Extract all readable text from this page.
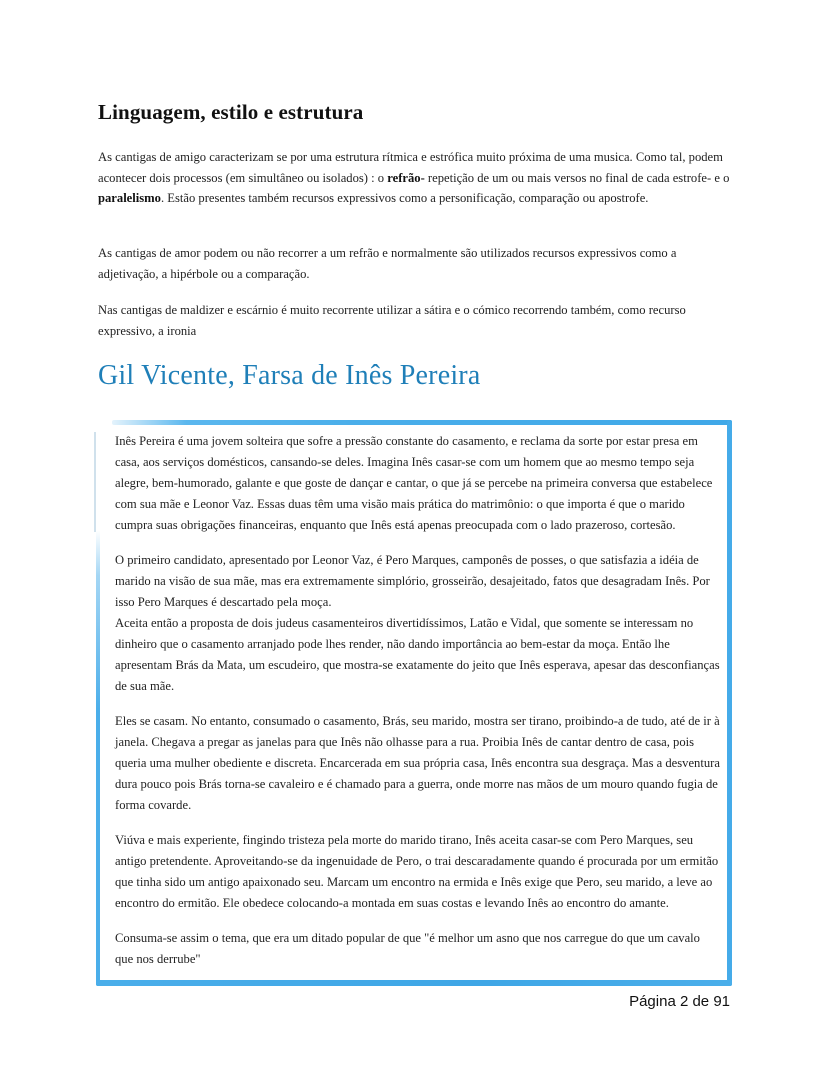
Linguagem, estilo e estrutura

As cantigas de amigo caracterizam se por uma estrutura rítmica e estrófica muito próxima de uma musica. Como tal, podem acontecer dois processos (em simultâneo ou isolados) : o refrão- repetição de um ou mais versos no final de cada estrofe- e o paralelismo. Estão presentes também recursos expressivos como a personificação, comparação ou apostrofe.

As cantigas de amor podem ou não recorrer a um refrão e normalmente são utilizados recursos expressivos como a adjetivação, a hipérbole ou a comparação.

Nas cantigas de maldizer e escárnio é muito recorrente utilizar a sátira e o cómico recorrendo também, como recurso expressivo, a ironia

Gil Vicente, Farsa de Inês Pereira

Inês Pereira é uma jovem solteira que sofre a pressão constante do casamento, e reclama da sorte por estar presa em casa, aos serviços domésticos, cansando-se deles. Imagina Inês casar-se com um homem que ao mesmo tempo seja alegre, bem-humorado, galante e que goste de dançar e cantar, o que já se percebe na primeira conversa que estabelece com sua mãe e Leonor Vaz. Essas duas têm uma visão mais prática do matrimônio: o que importa é que o marido cumpra suas obrigações financeiras, enquanto que Inês está apenas preocupada com o lado prazeroso, cortesão.

O primeiro candidato, apresentado por Leonor Vaz, é Pero Marques, camponês de posses, o que satisfazia a idéia de marido na visão de sua mãe, mas era extremamente simplório, grosseirão, desajeitado, fatos que desagradam Inês. Por isso Pero Marques é descartado pela moça.

Aceita então a proposta de dois judeus casamenteiros divertidíssimos, Latão e Vidal, que somente se interessam no dinheiro que o casamento arranjado pode lhes render, não dando importância ao bem-estar da moça. Então lhe apresentam Brás da Mata, um escudeiro, que mostra-se exatamente do jeito que Inês esperava, apesar das desconfianças de sua mãe.

Eles se casam. No entanto, consumado o casamento, Brás, seu marido, mostra ser tirano, proibindo-a de tudo, até de ir à janela. Chegava a pregar as janelas para que Inês não olhasse para a rua. Proibia Inês de cantar dentro de casa, pois queria uma mulher obediente e discreta. Encarcerada em sua própria casa, Inês encontra sua desgraça. Mas a desventura dura pouco pois Brás torna-se cavaleiro e é chamado para a guerra, onde morre nas mãos de um mouro quando fugia de forma covarde.

Viúva e mais experiente, fingindo tristeza pela morte do marido tirano, Inês aceita casar-se com Pero Marques, seu antigo pretendente. Aproveitando-se da ingenuidade de Pero, o trai descaradamente quando é procurada por um ermitão que tinha sido um antigo apaixonado seu. Marcam um encontro na ermida e Inês exige que Pero, seu marido, a leve ao encontro do ermitão. Ele obedece colocando-a montada em suas costas e levando Inês ao encontro do amante.

Consuma-se assim o tema, que era um ditado popular de que "é melhor um asno que nos carregue do que um cavalo que nos derrube"

Página 2 de 91
